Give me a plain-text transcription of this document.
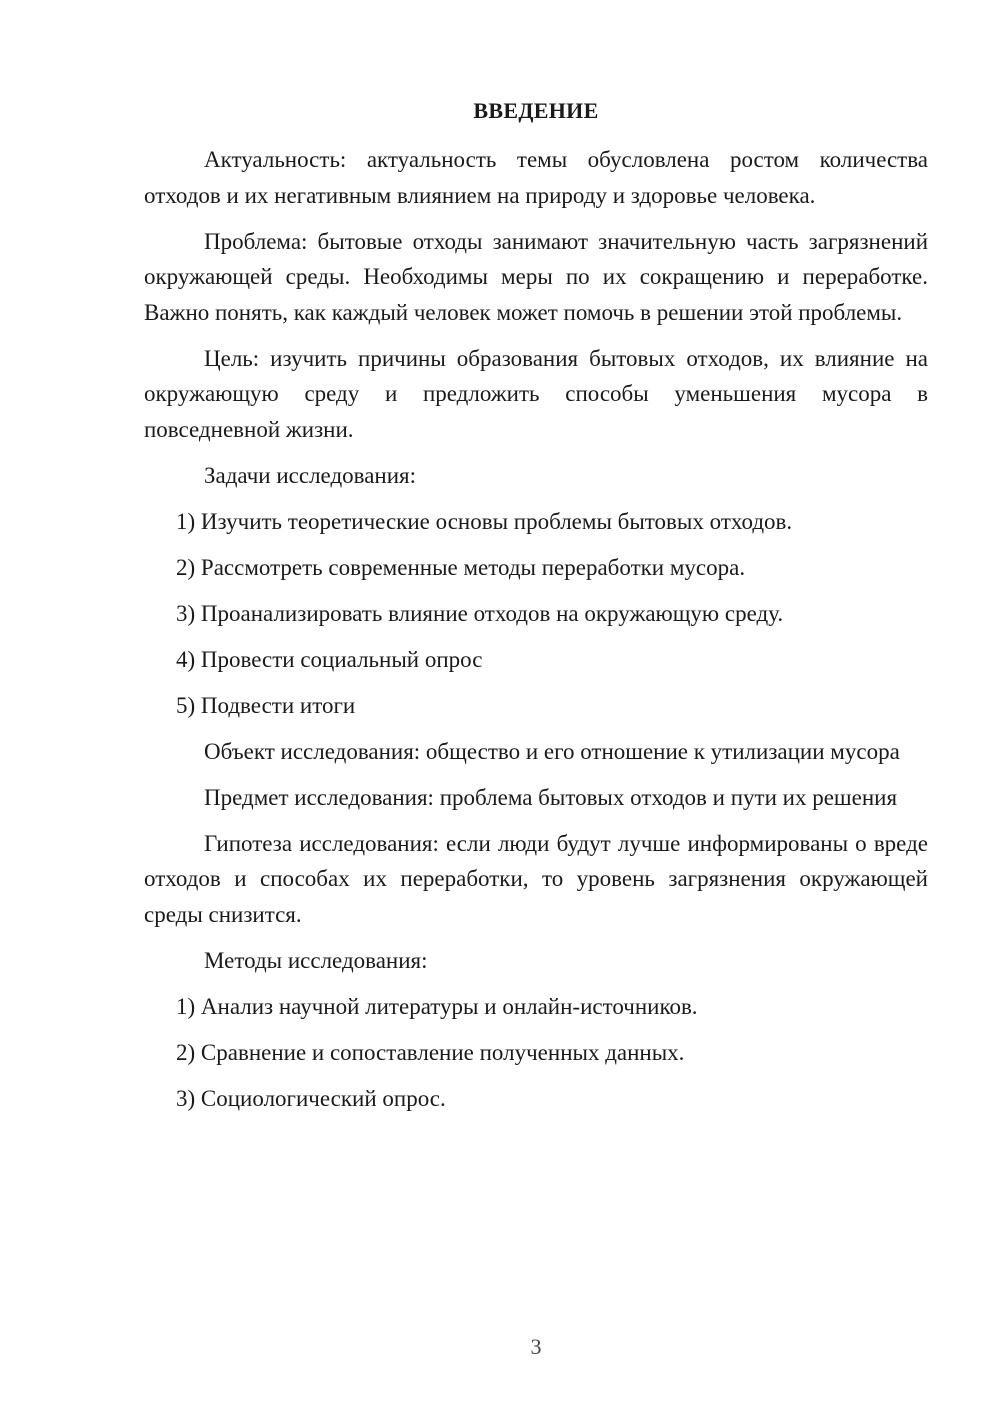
ВВЕДЕНИЕ

Актуальность: актуальность темы обусловлена ростом количества отходов и их негативным влиянием на природу и здоровье человека.

Проблема: бытовые отходы занимают значительную часть загрязнений окружающей среды. Необходимы меры по их сокращению и переработке. Важно понять, как каждый человек может помочь в решении этой проблемы.

Цель: изучить причины образования бытовых отходов, их влияние на окружающую среду и предложить способы уменьшения мусора в повседневной жизни.

Задачи исследования:

1) Изучить теоретические основы проблемы бытовых отходов.

2) Рассмотреть современные методы переработки мусора.

3) Проанализировать влияние отходов на окружающую среду.

4) Провести социальный опрос

5) Подвести итоги

Объект исследования: общество и его отношение к утилизации мусора

Предмет исследования: проблема бытовых отходов и пути их решения

Гипотеза исследования: если люди будут лучше информированы о вреде отходов и способах их переработки, то уровень загрязнения окружающей среды снизится.

Методы исследования:

1) Анализ научной литературы и онлайн-источников.

2) Сравнение и сопоставление полученных данных.

3) Социологический опрос.

3
